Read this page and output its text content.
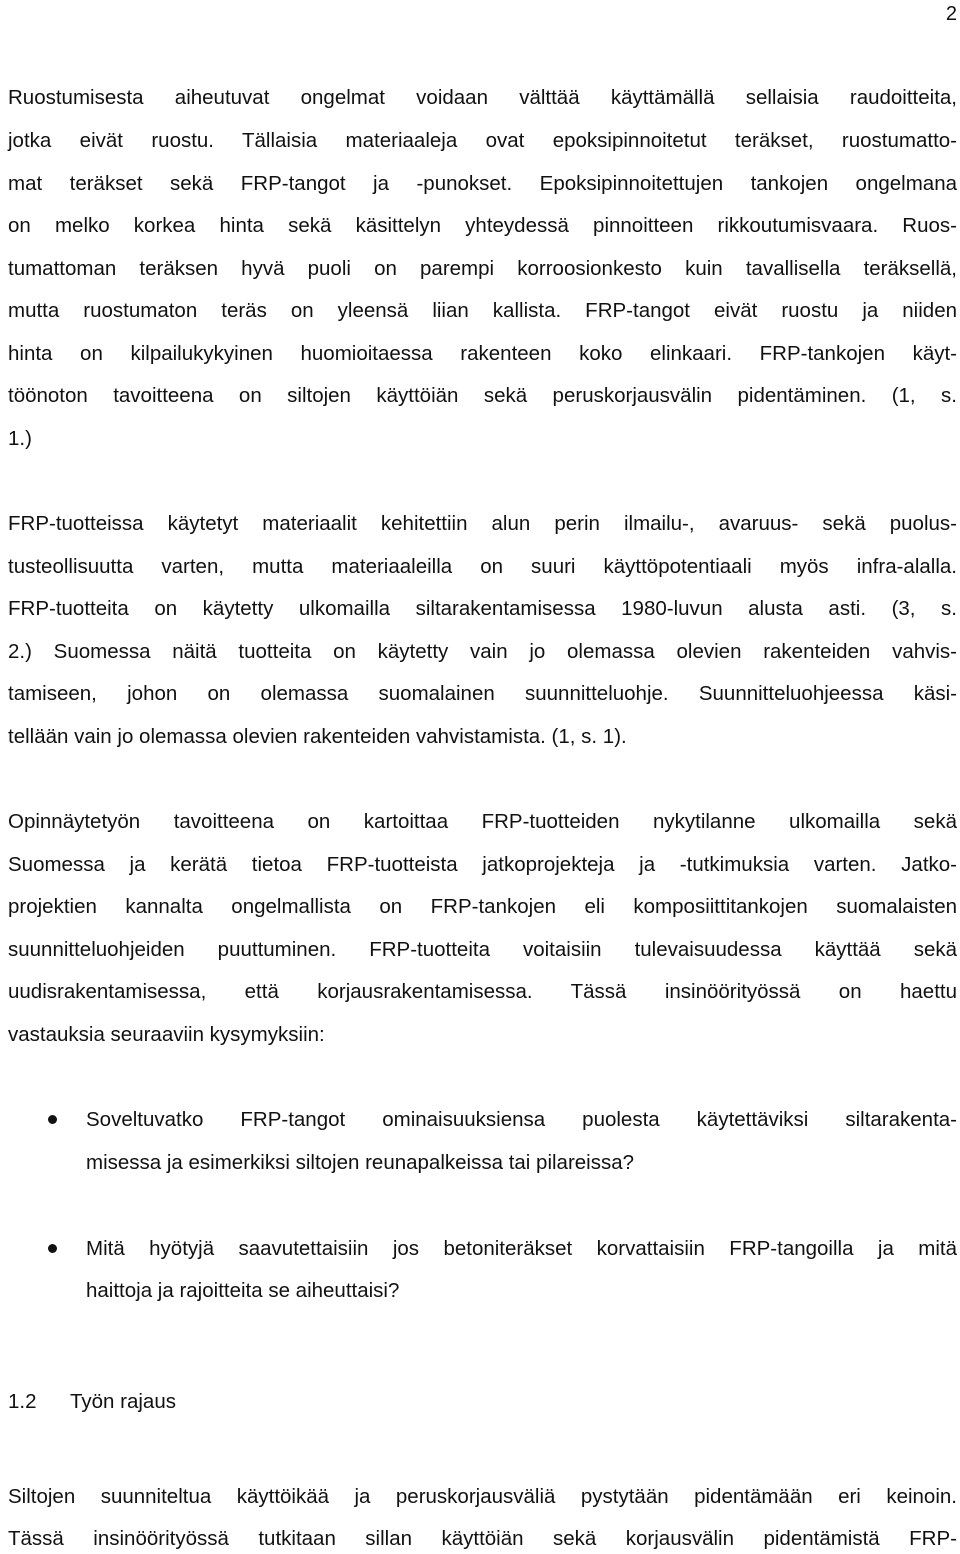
2
Ruostumisesta aiheutuvat ongelmat voidaan välttää käyttämällä sellaisia raudoitteita,
jotka eivät ruostu. Tällaisia materiaaleja ovat epoksipinnoitetut teräkset, ruostumatto-
mat teräkset sekä FRP-tangot ja -punokset. Epoksipinnoitettujen tankojen ongelmana
on melko korkea hinta sekä käsittelyn yhteydessä pinnoitteen rikkoutumisvaara. Ruos-
tumattoman teräksen hyvä puoli on parempi korroosionkesto kuin tavallisella teräksellä,
mutta ruostumaton teräs on yleensä liian kallista. FRP-tangot eivät ruostu ja niiden
hinta on kilpailukykyinen huomioitaessa rakenteen koko elinkaari. FRP-tankojen käyt-
töönoton tavoitteena on siltojen käyttöiän sekä peruskorjausvälin pidentäminen. (1, s.
1.)
FRP-tuotteissa käytetyt materiaalit kehitettiin alun perin ilmailu-, avaruus- sekä puolus-
tusteollisuutta varten, mutta materiaaleilla on suuri käyttöpotentiaali myös infra-alalla.
FRP-tuotteita on käytetty ulkomailla siltarakentamisessa 1980-luvun alusta asti. (3, s.
2.) Suomessa näitä tuotteita on käytetty vain jo olemassa olevien rakenteiden vahvis-
tamiseen, johon on olemassa suomalainen suunnitteluohje. Suunnitteluohjeessa käsi-
tellään vain jo olemassa olevien rakenteiden vahvistamista. (1, s. 1).
Opinnäytetyön tavoitteena on kartoittaa FRP-tuotteiden nykytilanne ulkomailla sekä
Suomessa ja kerätä tietoa FRP-tuotteista jatkoprojekteja ja -tutkimuksia varten. Jatko-
projektien kannalta ongelmallista on FRP-tankojen eli komposiittitankojen suomalaisten
suunnitteluohjeiden puuttuminen. FRP-tuotteita voitaisiin tulevaisuudessa käyttää sekä
uudisrakentamisessa, että korjausrakentamisessa. Tässä insinöörityössä on haettu
vastauksia seuraaviin kysymyksiin:
Soveltuvatko FRP-tangot ominaisuuksiensa puolesta käytettäviksi siltarakenta-
misessa ja esimerkiksi siltojen reunapalkeissa tai pilareissa?
Mitä hyötyjä saavutettaisiin jos betoniteräkset korvattaisiin FRP-tangoilla ja mitä
haittoja ja rajoitteita se aiheuttaisi?
1.2 Työn rajaus
Siltojen suunniteltua käyttöikää ja peruskorjausväliä pystytään pidentämään eri keinoin.
Tässä insinöörityössä tutkitaan sillan käyttöiän sekä korjausvälin pidentämistä FRP-
